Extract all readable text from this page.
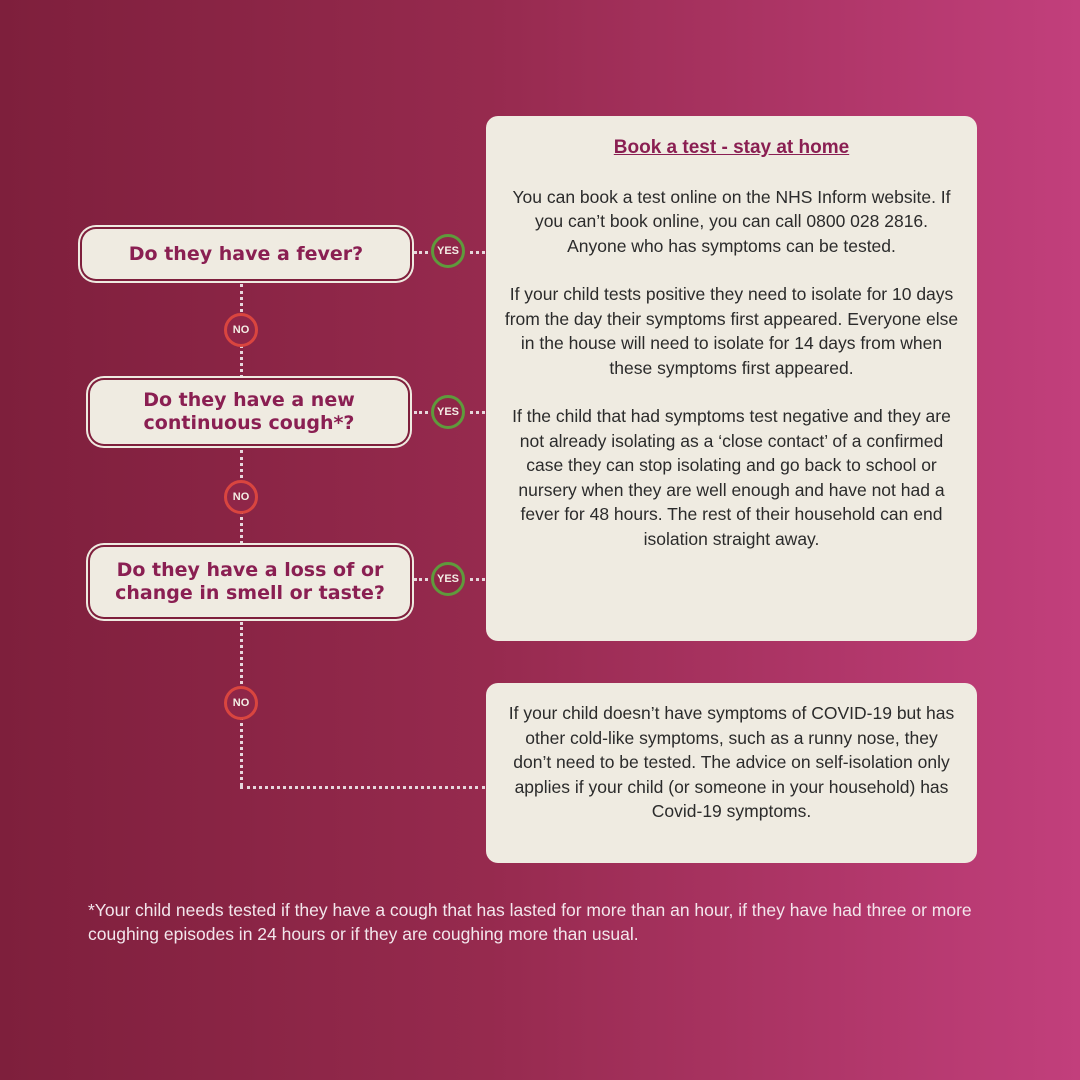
Do they have a fever?
Do they have a new continuous cough*?
Do they have a loss of or change in smell or taste?
NO
NO
NO
YES
YES
YES
Book a test - stay at home

You can book a test online on the NHS Inform website. If you can’t book online, you can call 0800 028 2816. Anyone who has symptoms can be tested.

If your child tests positive they need to isolate for 10 days from the day their symptoms first appeared. Everyone else in the house will need to isolate for 14 days from when these symptoms first appeared.

If the child that had symptoms test negative and they are not already isolating as a ‘close contact’ of a confirmed case they can stop isolating and go back to school or nursery when they are well enough and have not had a fever for 48 hours. The rest of their household can end isolation straight away.

If your child doesn’t have symptoms of COVID-19 but has other cold-like symptoms, such as a runny nose, they don’t need to be tested. The advice on self-isolation only applies if your child (or someone in your household) has Covid-19 symptoms.

*Your child needs tested if they have a cough that has lasted for more than an hour, if they have had three or more coughing episodes in 24 hours or if they are coughing more than usual.
